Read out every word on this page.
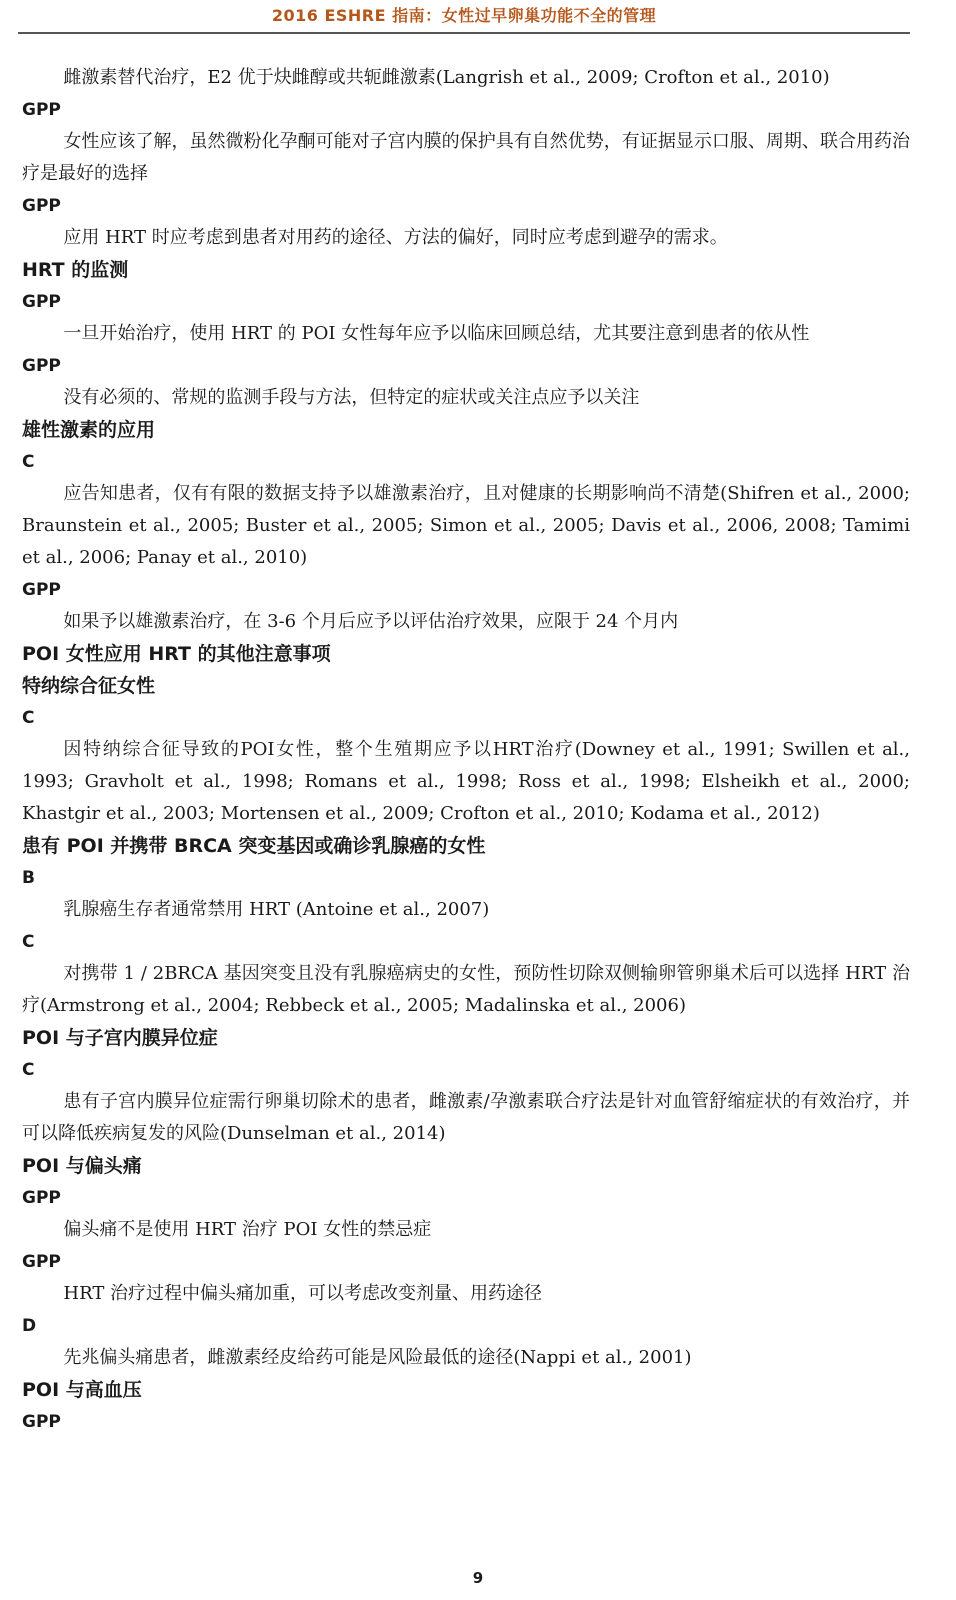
2016 ESHRE 指南：女性过早卵巢功能不全的管理

雌激素替代治疗，E2 优于炔雌醇或共轭雌激素(Langrish et al., 2009; Crofton et al., 2010)

GPP

女性应该了解，虽然微粉化孕酮可能对子宫内膜的保护具有自然优势，有证据显示口服、周期、联合用药治疗是最好的选择

GPP

应用 HRT 时应考虑到患者对用药的途径、方法的偏好，同时应考虑到避孕的需求。

HRT 的监测
GPP

一旦开始治疗，使用 HRT 的 POI 女性每年应予以临床回顾总结，尤其要注意到患者的依从性

GPP

没有必须的、常规的监测手段与方法，但特定的症状或关注点应予以关注

雄性激素的应用
C

应告知患者，仅有有限的数据支持予以雄激素治疗，且对健康的长期影响尚不清楚(Shifren et al., 2000; Braunstein et al., 2005; Buster et al., 2005; Simon et al., 2005; Davis et al., 2006, 2008; Tamimi et al., 2006; Panay et al., 2010)

GPP

如果予以雄激素治疗，在 3-6 个月后应予以评估治疗效果，应限于 24 个月内

POI 女性应用 HRT 的其他注意事项
特纳综合征女性
C

因特纳综合征导致的POI女性，整个生殖期应予以HRT治疗(Downey et al., 1991; Swillen et al., 1993; Gravholt et al., 1998; Romans et al., 1998; Ross et al., 1998; Elsheikh et al., 2000; Khastgir et al., 2003; Mortensen et al., 2009; Crofton et al., 2010; Kodama et al., 2012)

患有 POI 并携带 BRCA 突变基因或确诊乳腺癌的女性
B

乳腺癌生存者通常禁用 HRT (Antoine et al., 2007)

C

对携带 1 / 2BRCA 基因突变且没有乳腺癌病史的女性，预防性切除双侧输卵管卵巢术后可以选择 HRT 治疗(Armstrong et al., 2004; Rebbeck et al., 2005; Madalinska et al., 2006)

POI 与子宫内膜异位症
C

患有子宫内膜异位症需行卵巢切除术的患者，雌激素/孕激素联合疗法是针对血管舒缩症状的有效治疗，并可以降低疾病复发的风险(Dunselman et al., 2014)

POI 与偏头痛
GPP

偏头痛不是使用 HRT 治疗 POI 女性的禁忌症

GPP

HRT 治疗过程中偏头痛加重，可以考虑改变剂量、用药途径

D

先兆偏头痛患者，雌激素经皮给药可能是风险最低的途径(Nappi et al., 2001)

POI 与高血压
GPP
9
